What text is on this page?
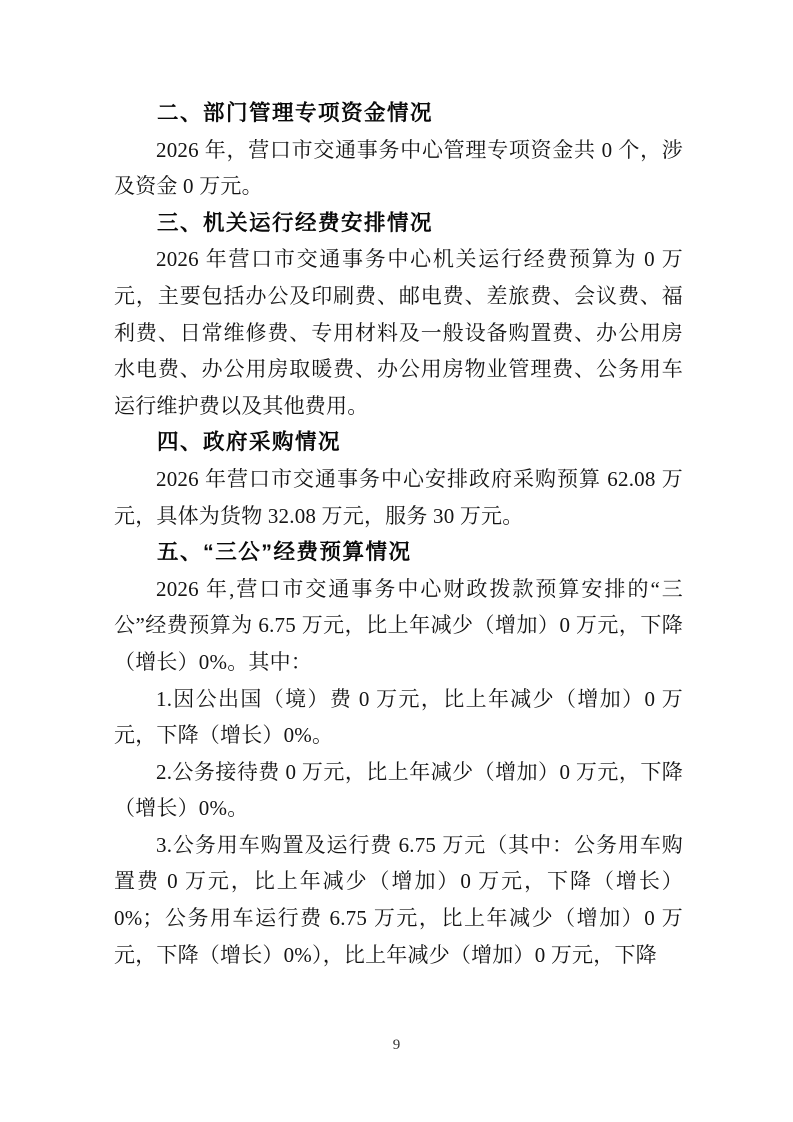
二、部门管理专项资金情况

2026 年，营口市交通事务中心管理专项资金共 0 个，涉及资金 0 万元。

三、机关运行经费安排情况

2026 年营口市交通事务中心机关运行经费预算为 0 万元，主要包括办公及印刷费、邮电费、差旅费、会议费、福利费、日常维修费、专用材料及一般设备购置费、办公用房水电费、办公用房取暖费、办公用房物业管理费、公务用车运行维护费以及其他费用。

四、政府采购情况

2026 年营口市交通事务中心安排政府采购预算 62.08 万元，具体为货物 32.08 万元，服务 30 万元。

五、“三公”经费预算情况

2026 年,营口市交通事务中心财政拨款预算安排的“三公”经费预算为 6.75 万元，比上年减少（增加）0 万元，下降（增长）0%。其中：

1.因公出国（境）费 0 万元，比上年减少（增加）0 万元，下降（增长）0%。

2.公务接待费 0 万元，比上年减少（增加）0 万元，下降（增长）0%。

3.公务用车购置及运行费 6.75 万元（其中：公务用车购置费 0 万元，比上年减少（增加）0 万元，下降（增长）0%；公务用车运行费 6.75 万元，比上年减少（增加）0 万元，下降（增长）0%），比上年减少（增加）0 万元，下降

9
